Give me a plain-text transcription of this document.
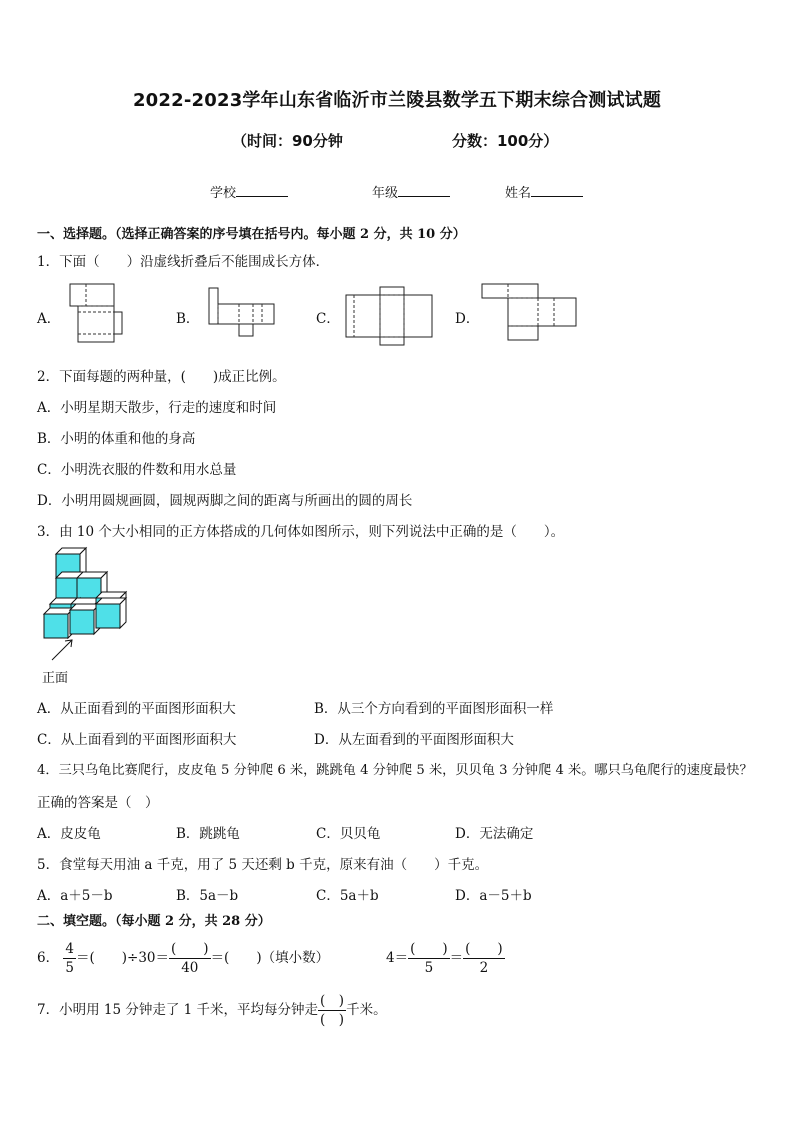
2022-2023学年山东省临沂市兰陵县数学五下期末综合测试试题
（时间：90分钟	分数：100分）
学校	年级	姓名
一、选择题。（选择正确答案的序号填在括号内。每小题 2 分，共 10 分）
1．下面（　　）沿虚线折叠后不能围成长方体．
A．	B．	C．	D．
2．下面每题的两种量，(　　)成正比例。
A．小明星期天散步，行走的速度和时间
B．小明的体重和他的身高
C．小明洗衣服的件数和用水总量
D．小明用圆规画圆，圆规两脚之间的距离与所画出的圆的周长
3．由 10 个大小相同的正方体搭成的几何体如图所示，则下列说法中正确的是（　　）。
正面
A．从正面看到的平面图形面积大	B．从三个方向看到的平面图形面积一样
C．从上面看到的平面图形面积大	D．从左面看到的平面图形面积大
4．三只乌龟比赛爬行，皮皮龟 5 分钟爬 6 米，跳跳龟 4 分钟爬 5 米，贝贝龟 3 分钟爬 4 米。哪只乌龟爬行的速度最快？
正确的答案是（　）
A．皮皮龟	B．跳跳龟	C．贝贝龟	D．无法确定
5．食堂每天用油 a 千克，用了 5 天还剩 b 千克，原来有油（　　）千克。
A．a＋5－b	B．5a－b	C．5a＋b	D．a－5＋b
二、填空题。（每小题 2 分，共 28 分）
6． $\frac{4}{5}$ ＝(　　)$\div 30= \frac{( )}{40}$ ＝(　　)（填小数）	$4= \frac{( )}{5} = \frac{( )}{2}$
7．小明用 15 分钟走了 1 千米，平均每分钟走 $\frac{( )}{( )}$ 千米。
